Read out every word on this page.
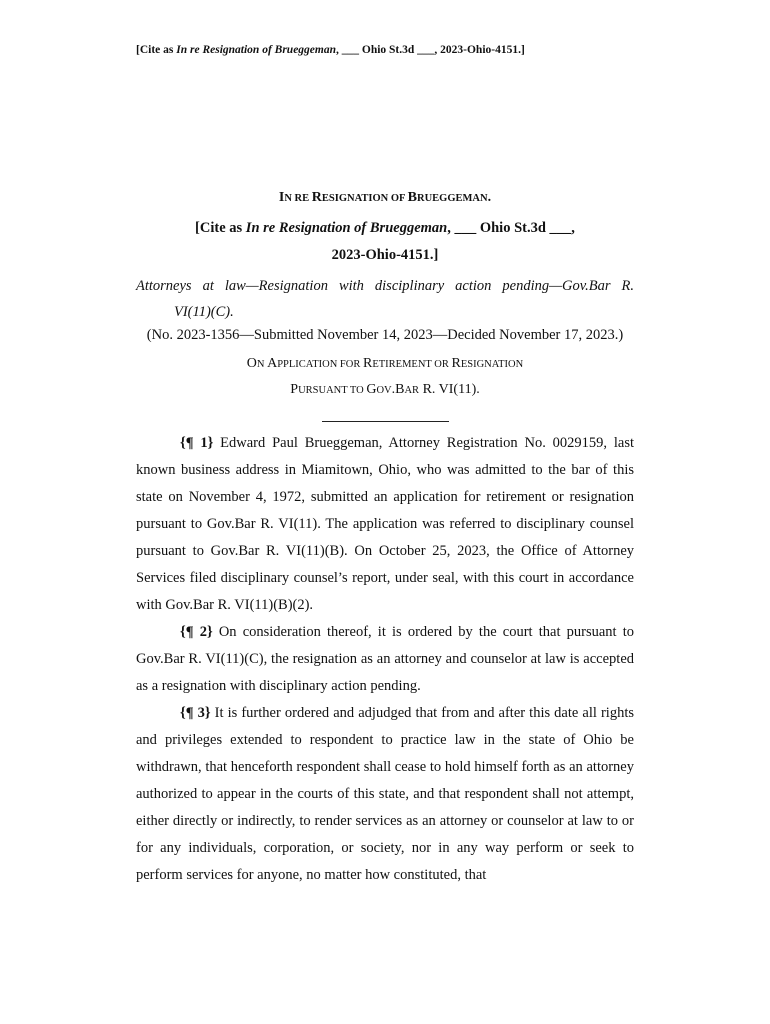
[Cite as In re Resignation of Brueggeman, ___ Ohio St.3d ___, 2023-Ohio-4151.]
IN RE RESIGNATION OF BRUEGGEMAN.
[Cite as In re Resignation of Brueggeman, ___ Ohio St.3d ___,
2023-Ohio-4151.]
Attorneys at law—Resignation with disciplinary action pending—Gov.Bar R.
VI(11)(C).
(No. 2023-1356—Submitted November 14, 2023—Decided November 17, 2023.)
ON APPLICATION FOR RETIREMENT OR RESIGNATION
PURSUANT TO GOV.BAR R. VI(11).

{¶ 1} Edward Paul Brueggeman, Attorney Registration No. 0029159, last known business address in Miamitown, Ohio, who was admitted to the bar of this state on November 4, 1972, submitted an application for retirement or resignation pursuant to Gov.Bar R. VI(11). The application was referred to disciplinary counsel pursuant to Gov.Bar R. VI(11)(B). On October 25, 2023, the Office of Attorney Services filed disciplinary counsel’s report, under seal, with this court in accordance with Gov.Bar R. VI(11)(B)(2).

{¶ 2} On consideration thereof, it is ordered by the court that pursuant to Gov.Bar R. VI(11)(C), the resignation as an attorney and counselor at law is accepted as a resignation with disciplinary action pending.

{¶ 3} It is further ordered and adjudged that from and after this date all rights and privileges extended to respondent to practice law in the state of Ohio be withdrawn, that henceforth respondent shall cease to hold himself forth as an attorney authorized to appear in the courts of this state, and that respondent shall not attempt, either directly or indirectly, to render services as an attorney or counselor at law to or for any individuals, corporation, or society, nor in any way perform or seek to perform services for anyone, no matter how constituted, that
